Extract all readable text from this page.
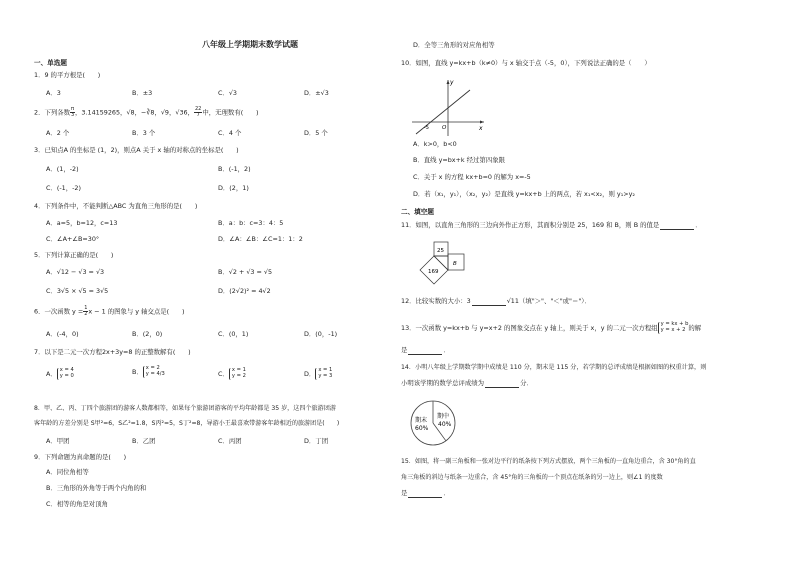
八年级上学期期末数学试题
一、单选题
1．9 的平方根是(　　)
A．3	B．±3	C．√3	D．±√3
2．下列各数 $\frac{\pi}{3}$ ，3.14159265，√8，−∛8，√9，√36， $\frac{22}{7}$ 中，无理数有(　　)
A．2 个	B．3 个	C．4 个	D．5 个
3．已知点A 的坐标是 (1，2)，则点A 关于 x 轴的对称点的坐标是(　　)
A．(1，-2)	B．(-1，2)
C．(-1，-2)	D．(2，1)
4．下列条件中，不能判断△ABC 为直角三角形的是(　　)
A．a=5，b=12，c=13	B．a：b：c=3：4：5
C．∠A+∠B=30°	D．∠A：∠B：∠C=1：1：2
5．下列计算正确的是(　　)
A．√12 − √3 = √3	B．√2 + √3 = √5
C．3√5 × √5 = 3√5	D．(2√2)² = 4√2
6．一次函数 $y = \frac{1}{2}$ x − 1 的图象与 y 轴交点是(　　)
A．(-4，0)	B．(2，0)	C．(0，1)	D．(0，-1)
7．以下是二元一次方程2x+3y=8 的正整数解有(　　)
A． x = 4
y = 0	B． x = 2
y = 4/3	C． x = 1
y = 2	D． x = 1
y = 3
8．甲、乙、丙、丁四个旅游团的游客人数都相等，如果每个旅游团游客的平均年龄都是 35 岁，这四个旅游团游
客年龄的方差分别是 S甲²=6，S乙²=1.8，S丙²=5，S丁²=8，导游小王最喜欢带游客年龄相近的旅游团是(　　)
A．甲团	B．乙团	C．丙团	D．丁团
9．下列命题为真命题的是(　　)
A．同位角相等
B．三角形的外角等于两个内角的和
C．相等的角是对顶角
D．全等三角形的对应角相等
10．如图，直线 y=kx+b（k≠0）与 x 轴交于点（-5，0），下列说法正确的是（　　）
y
x
O
-5
A．k>0，b<0
B．直线 y=bx+k 经过第四象限
C．关于 x 的方程 kx+b=0 的解为 x=-5
D．若（x₁，y₁），（x₂，y₂）是直线 y=kx+b 上的两点，若 x₁<x₂，则 y₁>y₂
二、填空题
11．如图，以直角三角形的三边向外作正方形，其面积分别是 25，169 和 B，则 B 的值是	．
25
169
B
12．比较实数的大小：3	√11（填"＞"、"＜"或"＝"）．
13．一次函数 y=kx+b 与 y=x+2 的图象交点在 y 轴上，则关于 x，y 的二元一次方程组 y = kx + b
y = x + 2 的解
是	．
14．小明八年级上学期数学期中成绩是 110 分，期末是 115 分，若学期的总评成绩是根据如图的权重计算，则
小明该学期的数学总评成绩为	分．
期末
60%
期中
40%
15．如图，将一副三角板和一张对边平行的纸条按下列方式摆放，两个三角板的一直角边重合，含 30°角的直
角三角板的斜边与纸条一边重合，含 45°角的三角板的一个顶点在纸条的另一边上，则∠1 的度数
是	．
